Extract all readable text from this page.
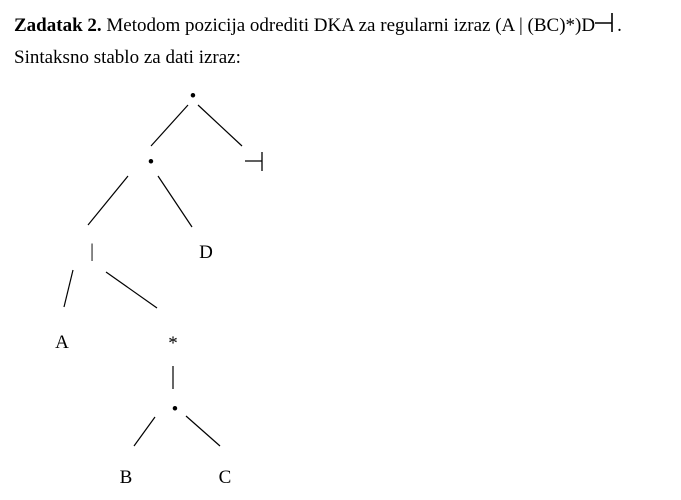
Zadatak 2. Metodom pozicija odrediti DKA za regularni izraz (A | (BC)*)D .
Sintaksno stablo za dati izraz:
•
•
|	D
A	*
•
B	C
